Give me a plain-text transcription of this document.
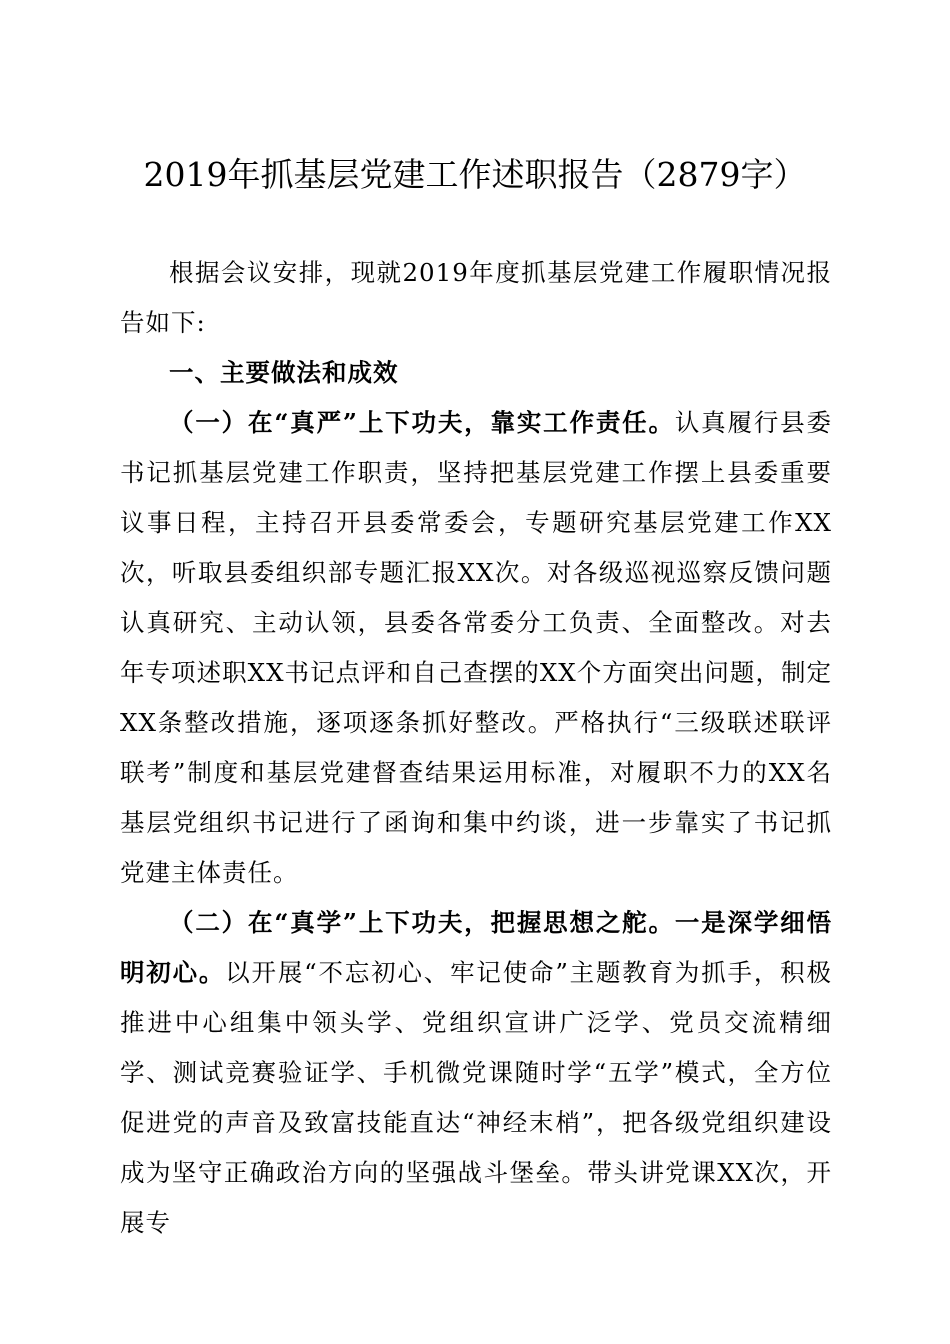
2019年抓基层党建工作述职报告（2879字）

根据会议安排，现就2019年度抓基层党建工作履职情况报告如下:

一、主要做法和成效

（一）在“真严”上下功夫，靠实工作责任。认真履行县委书记抓基层党建工作职责，坚持把基层党建工作摆上县委重要议事日程，主持召开县委常委会，专题研究基层党建工作XX次，听取县委组织部专题汇报XX次。对各级巡视巡察反馈问题认真研究、主动认领，县委各常委分工负责、全面整改。对去年专项述职XX书记点评和自己查摆的XX个方面突出问题，制定XX条整改措施，逐项逐条抓好整改。严格执行“三级联述联评联考”制度和基层党建督查结果运用标准，对履职不力的XX名基层党组织书记进行了函询和集中约谈，进一步靠实了书记抓党建主体责任。

（二）在“真学”上下功夫，把握思想之舵。一是深学细悟明初心。以开展“不忘初心、牢记使命”主题教育为抓手，积极推进中心组集中领头学、党组织宣讲广泛学、党员交流精细学、测试竞赛验证学、手机微党课随时学“五学”模式，全方位促进党的声音及致富技能直达“神经末梢”，把各级党组织建设成为坚守正确政治方向的坚强战斗堡垒。带头讲党课XX次，开展专
